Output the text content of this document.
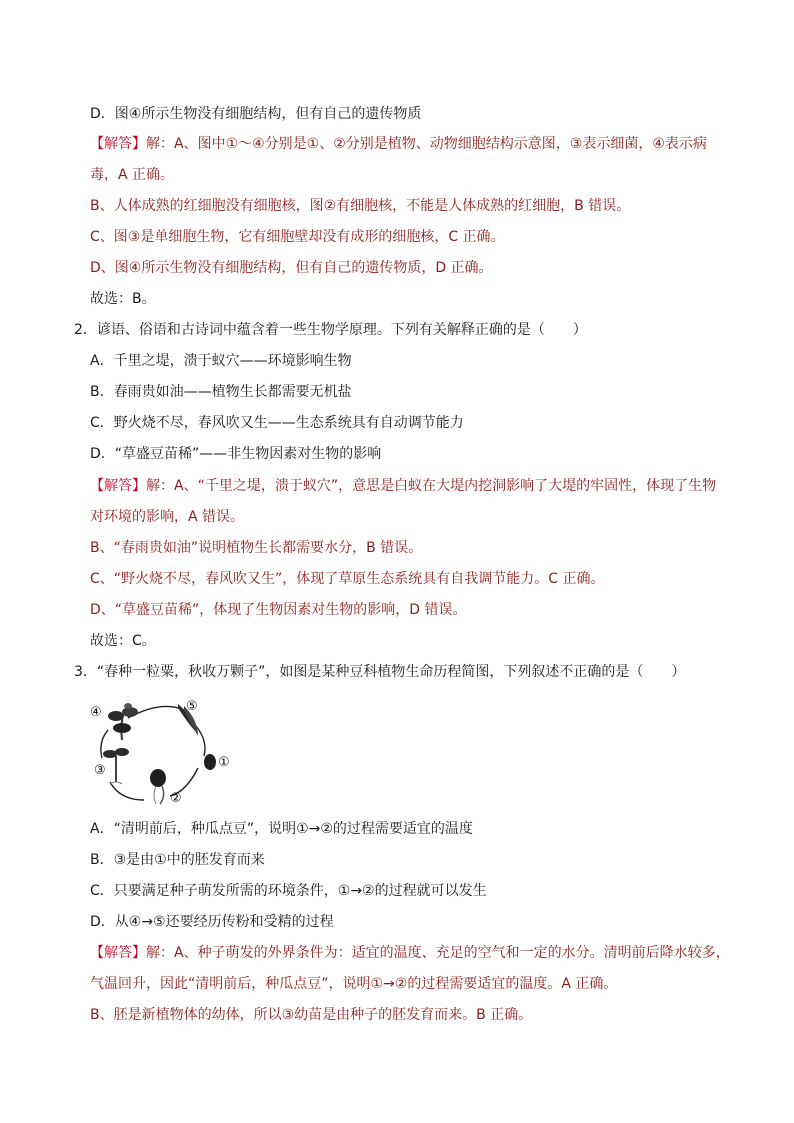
D．图④所示生物没有细胞结构，但有自己的遗传物质
【解答】解：A、图中①～④分别是①、②分别是植物、动物细胞结构示意图，③表示细菌，④表示病
毒，A 正确。
B、人体成熟的红细胞没有细胞核，图②有细胞核，不能是人体成熟的红细胞，B 错误。
C、图③是单细胞生物，它有细胞壁却没有成形的细胞核，C 正确。
D、图④所示生物没有细胞结构，但有自己的遗传物质，D 正确。
故选：B。
2．谚语、俗语和古诗词中蕴含着一些生物学原理。下列有关解释正确的是（　　）
A．千里之堤，溃于蚁穴——环境影响生物
B．春雨贵如油——植物生长都需要无机盐
C．野火烧不尽，春风吹又生——生态系统具有自动调节能力
D．“草盛豆苗稀”——非生物因素对生物的影响
【解答】解：A、“千里之堤，溃于蚁穴”，意思是白蚁在大堤内挖洞影响了大堤的牢固性，体现了生物
对环境的影响，A 错误。
B、“春雨贵如油”说明植物生长都需要水分，B 错误。
C、“野火烧不尽，春风吹又生”，体现了草原生态系统具有自我调节能力。C 正确。
D、“草盛豆苗稀”，体现了生物因素对生物的影响，D 错误。
故选：C。
3．“春种一粒粟，秋收万颗子”，如图是某种豆科植物生命历程简图，下列叙述不正确的是（　　）
④	⑤
①
②
③
A．“清明前后，种瓜点豆”，说明①→②的过程需要适宜的温度
B．③是由①中的胚发育而来
C．只要满足种子萌发所需的环境条件，①→②的过程就可以发生
D．从④→⑤还要经历传粉和受精的过程
【解答】解：A、种子萌发的外界条件为：适宜的温度、充足的空气和一定的水分。清明前后降水较多，
气温回升，因此“清明前后，种瓜点豆”，说明①→②的过程需要适宜的温度。A 正确。
B、胚是新植物体的幼体，所以③幼苗是由种子的胚发育而来。B 正确。
